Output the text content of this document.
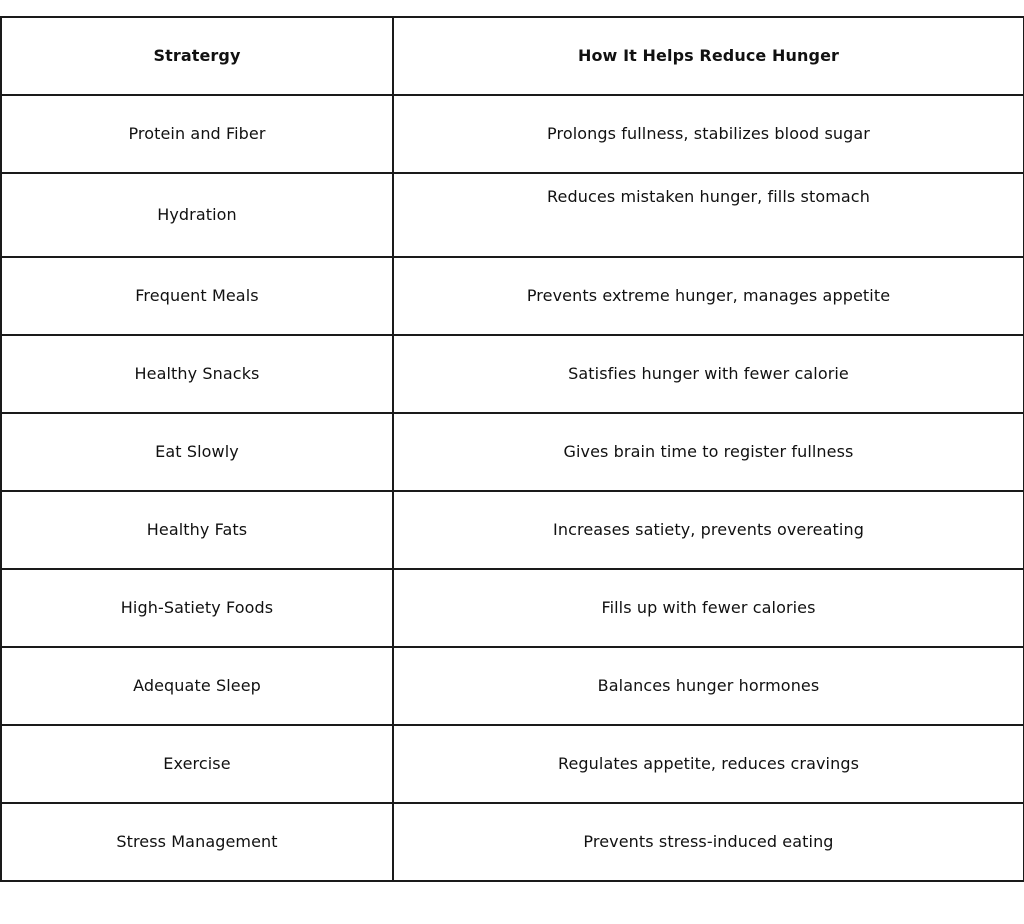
Stratergy	How It Helps Reduce Hunger
Protein and Fiber	Prolongs fullness, stabilizes blood sugar
Hydration	Reduces mistaken hunger, fills stomach
Frequent Meals	Prevents extreme hunger, manages appetite
Healthy Snacks	Satisfies hunger with fewer calorie
Eat Slowly	Gives brain time to register fullness
Healthy Fats	Increases satiety, prevents overeating
High-Satiety Foods	Fills up with fewer calories
Adequate Sleep	Balances hunger hormones
Exercise	Regulates appetite, reduces cravings
Stress Management	Prevents stress-induced eating
